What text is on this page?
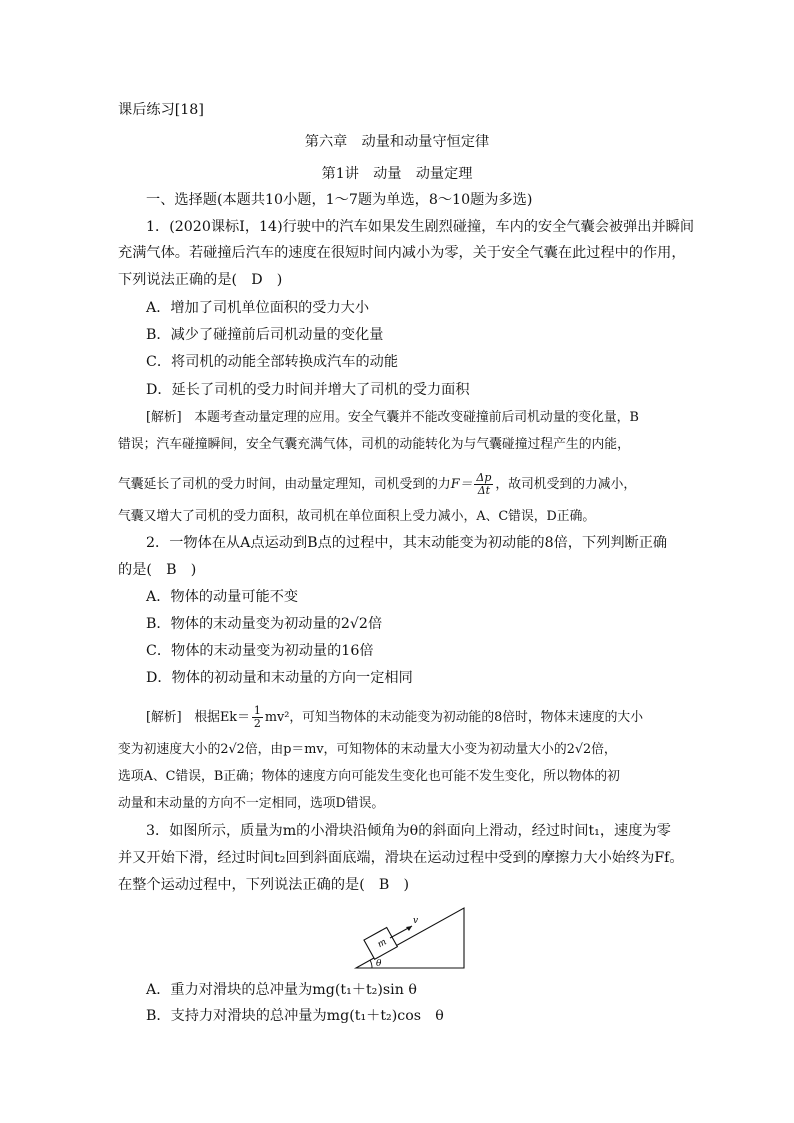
课后练习[18]
第六章　动量和动量守恒定律
第1讲　动量　动量定理
一、选择题(本题共10小题，1～7题为单选，8～10题为多选)
1．(2020课标Ⅰ，14)行驶中的汽车如果发生剧烈碰撞，车内的安全气囊会被弹出并瞬间
充满气体。若碰撞后汽车的速度在很短时间内减小为零，关于安全气囊在此过程中的作用，
下列说法正确的是(　D　)
A．增加了司机单位面积的受力大小
B．减少了碰撞前后司机动量的变化量
C．将司机的动能全部转换成汽车的动能
D．延长了司机的受力时间并增大了司机的受力面积
[解析]　本题考查动量定理的应用。安全气囊并不能改变碰撞前后司机动量的变化量，B
错误；汽车碰撞瞬间，安全气囊充满气体，司机的动能转化为与气囊碰撞过程产生的内能，
气囊延长了司机的受力时间，由动量定理知，司机受到的力$F= \frac{\Delta p}{\Delta t}$ ，故司机受到的力减小，
气囊又增大了司机的受力面积，故司机在单位面积上受力减小，A、C错误，D正确。
2．一物体在从A点运动到B点的过程中，其末动能变为初动能的8倍，下列判断正确
的是(　B　)
A．物体的动量可能不变
B．物体的末动量变为初动量的2√2倍
C．物体的末动量变为初动量的16倍
D．物体的初动量和末动量的方向一定相同
[解析]　根据$Ek= \frac{1}{2} mv^2$，可知当物体的末动能变为初动能的8倍时，物体末速度的大小
变为初速度大小的2√2倍，由p＝mv，可知物体的末动量大小变为初动量大小的2√2倍，
选项A、C错误，B正确；物体的速度方向可能发生变化也可能不发生变化，所以物体的初
动量和末动量的方向不一定相同，选项D错误。
3．如图所示，质量为m的小滑块沿倾角为θ的斜面向上滑动，经过时间t₁，速度为零
并又开始下滑，经过时间t₂回到斜面底端，滑块在运动过程中受到的摩擦力大小始终为Ff。
在整个运动过程中，下列说法正确的是(　B　)
m
v
θ
A．重力对滑块的总冲量为mg(t₁＋t₂)sin θ
B．支持力对滑块的总冲量为mg(t₁＋t₂)cos　θ
